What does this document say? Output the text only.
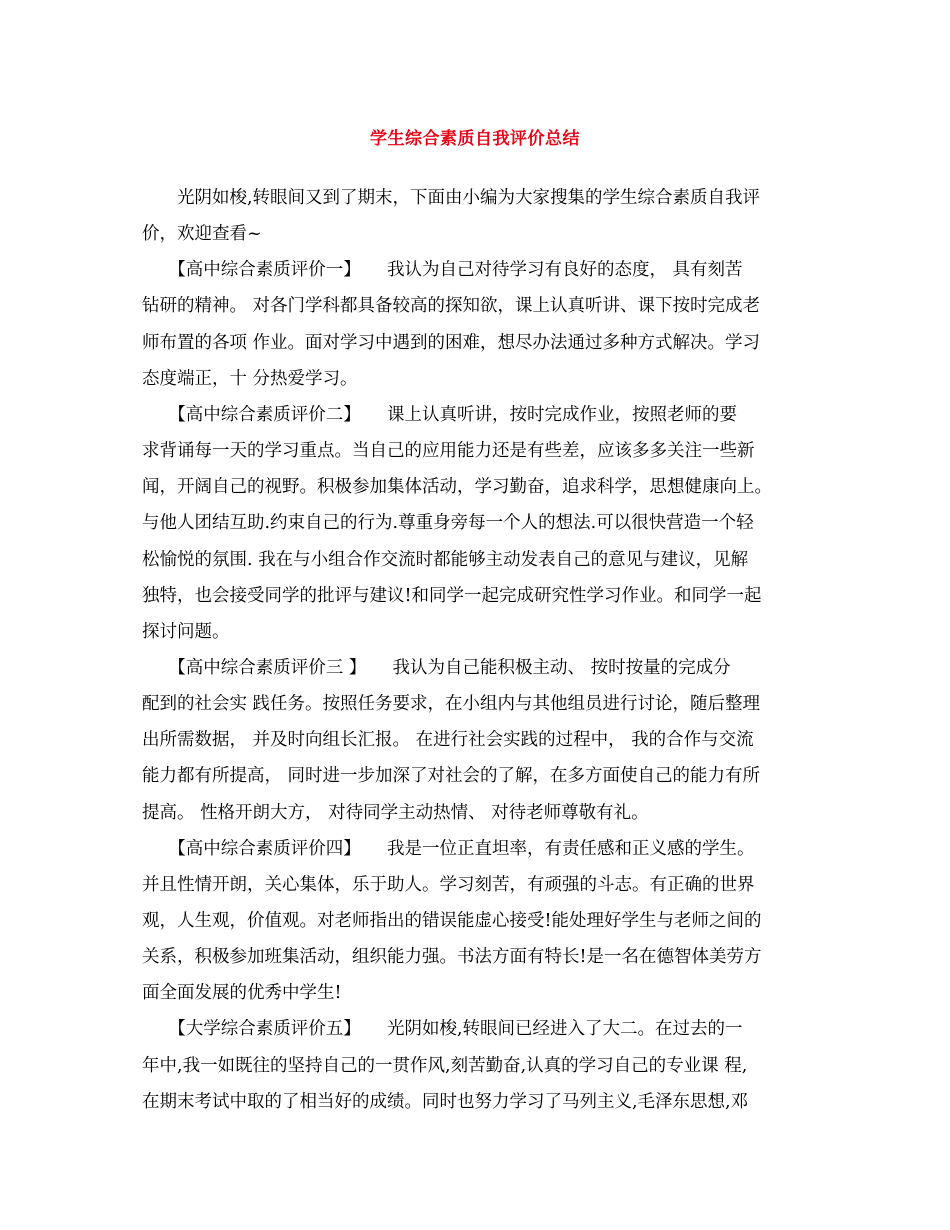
学生综合素质自我评价总结
　　光阴如梭,转眼间又到了期末，下面由小编为大家搜集的学生综合素质自我评
价，欢迎查看~
　　【高中综合素质评价一】　　我认为自己对待学习有良好的态度， 具有刻苦
钻研的精神。 对各门学科都具备较高的探知欲，课上认真听讲、课下按时完成老
师布置的各项 作业。面对学习中遇到的困难，想尽办法通过多种方式解决。学习
态度端正，十 分热爱学习。
　　【高中综合素质评价二】　　课上认真听讲，按时完成作业，按照老师的要
求背诵每一天的学习重点。当自己的应用能力还是有些差，应该多多关注一些新
闻，开阔自己的视野。积极参加集体活动，学习勤奋，追求科学，思想健康向上。
与他人团结互助.约束自己的行为.尊重身旁每一个人的想法.可以很快营造一个轻
松愉悦的氛围. 我在与小组合作交流时都能够主动发表自己的意见与建议，见解
独特，也会接受同学的批评与建议!和同学一起完成研究性学习作业。和同学一起
探讨问题。
　　【高中综合素质评价三 】　　我认为自己能积极主动、 按时按量的完成分
配到的社会实 践任务。按照任务要求，在小组内与其他组员进行讨论，随后整理
出所需数据， 并及时向组长汇报。 在进行社会实践的过程中， 我的合作与交流
能力都有所提高， 同时进一步加深了对社会的了解，在多方面使自己的能力有所
提高。 性格开朗大方， 对待同学主动热情、 对待老师尊敬有礼。
　　【高中综合素质评价四】　　我是一位正直坦率，有责任感和正义感的学生。
并且性情开朗，关心集体，乐于助人。学习刻苦，有顽强的斗志。有正确的世界
观，人生观，价值观。对老师指出的错误能虚心接受!能处理好学生与老师之间的
关系，积极参加班集活动，组织能力强。书法方面有特长!是一名在德智体美劳方
面全面发展的优秀中学生!
　　【大学综合素质评价五】　　光阴如梭,转眼间已经进入了大二。在过去的一
年中,我一如既往的坚持自己的一贯作风,刻苦勤奋,认真的学习自己的专业课 程,
在期末考试中取的了相当好的成绩。同时也努力学习了马列主义,毛泽东思想,邓
